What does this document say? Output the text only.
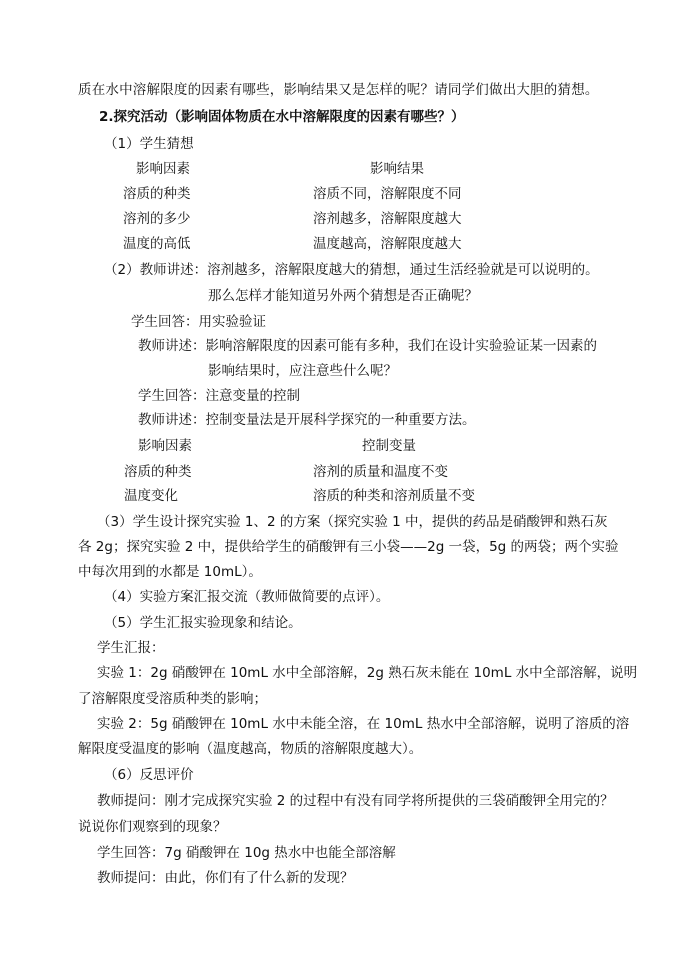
质在水中溶解限度的因素有哪些，影响结果又是怎样的呢？请同学们做出大胆的猜想。
2.探究活动（影响固体物质在水中溶解限度的因素有哪些？）
（1）学生猜想
影响因素	影响结果
溶质的种类	溶质不同，溶解限度不同
溶剂的多少	溶剂越多，溶解限度越大
温度的高低	温度越高，溶解限度越大
（2）教师讲述：溶剂越多，溶解限度越大的猜想，通过生活经验就是可以说明的。
那么怎样才能知道另外两个猜想是否正确呢？
学生回答：用实验验证
教师讲述：影响溶解限度的因素可能有多种，我们在设计实验验证某一因素的
影响结果时，应注意些什么呢？
学生回答：注意变量的控制
教师讲述：控制变量法是开展科学探究的一种重要方法。
影响因素	控制变量
溶质的种类	溶剂的质量和温度不变
温度变化	溶质的种类和溶剂质量不变
（3）学生设计探究实验 1、2 的方案（探究实验 1 中，提供的药品是硝酸钾和熟石灰
各 2g；探究实验 2 中，提供给学生的硝酸钾有三小袋——2g 一袋，5g 的两袋；两个实验
中每次用到的水都是 10mL）。
（4）实验方案汇报交流（教师做简要的点评）。
（5）学生汇报实验现象和结论。
学生汇报：
实验 1：2g 硝酸钾在 10mL 水中全部溶解，2g 熟石灰未能在 10mL 水中全部溶解，说明
了溶解限度受溶质种类的影响；
实验 2：5g 硝酸钾在 10mL 水中未能全溶，在 10mL 热水中全部溶解，说明了溶质的溶
解限度受温度的影响（温度越高，物质的溶解限度越大）。
（6）反思评价
教师提问：刚才完成探究实验 2 的过程中有没有同学将所提供的三袋硝酸钾全用完的？
说说你们观察到的现象？
学生回答：7g 硝酸钾在 10g 热水中也能全部溶解
教师提问：由此，你们有了什么新的发现？
